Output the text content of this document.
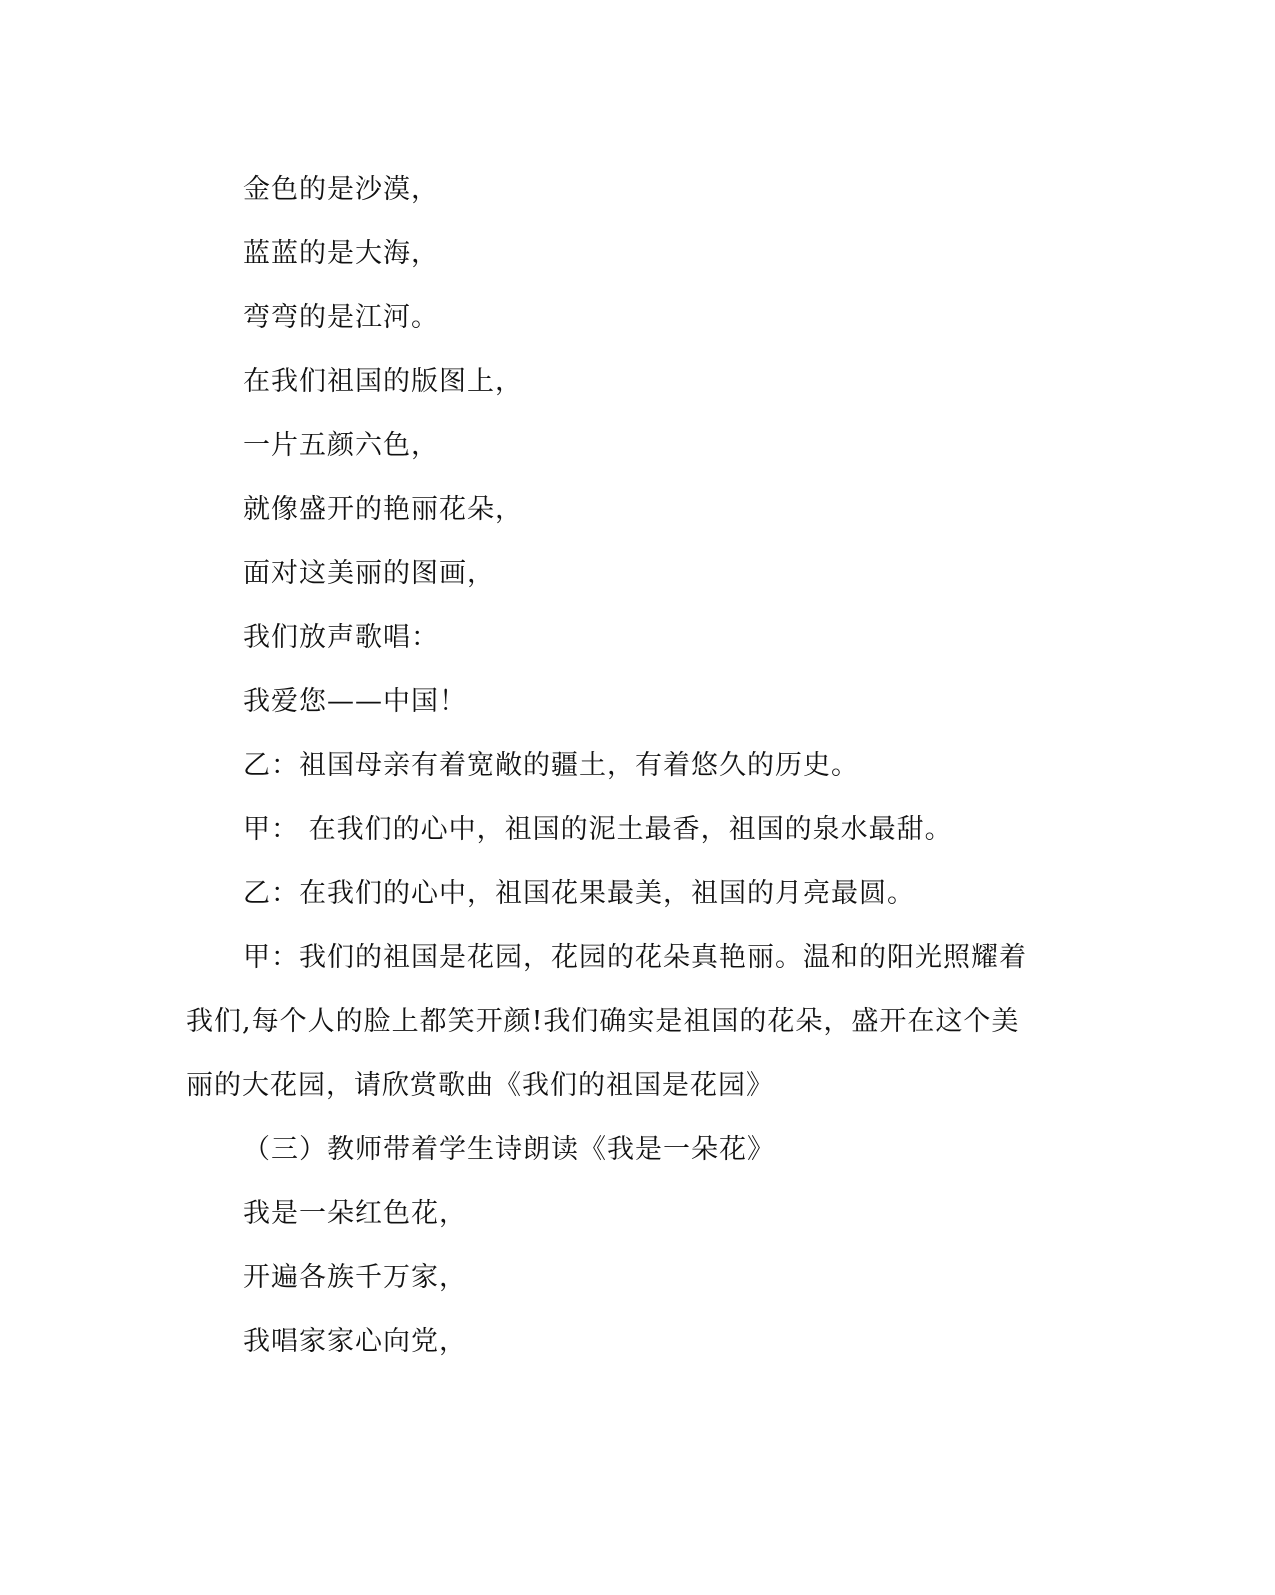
金色的是沙漠，
蓝蓝的是大海，
弯弯的是江河。
在我们祖国的版图上，
一片五颜六色，
就像盛开的艳丽花朵，
面对这美丽的图画，
我们放声歌唱：
我爱您——中国！
乙：祖国母亲有着宽敞的疆土，有着悠久的历史。
甲： 在我们的心中，祖国的泥土最香，祖国的泉水最甜。
乙：在我们的心中，祖国花果最美，祖国的月亮最圆。
甲：我们的祖国是花园，花园的花朵真艳丽。温和的阳光照耀着
我们,每个人的脸上都笑开颜!我们确实是祖国的花朵，盛开在这个美
丽的大花园，请欣赏歌曲《我们的祖国是花园》
（三）教师带着学生诗朗读《我是一朵花》
我是一朵红色花，
开遍各族千万家，
我唱家家心向党，
